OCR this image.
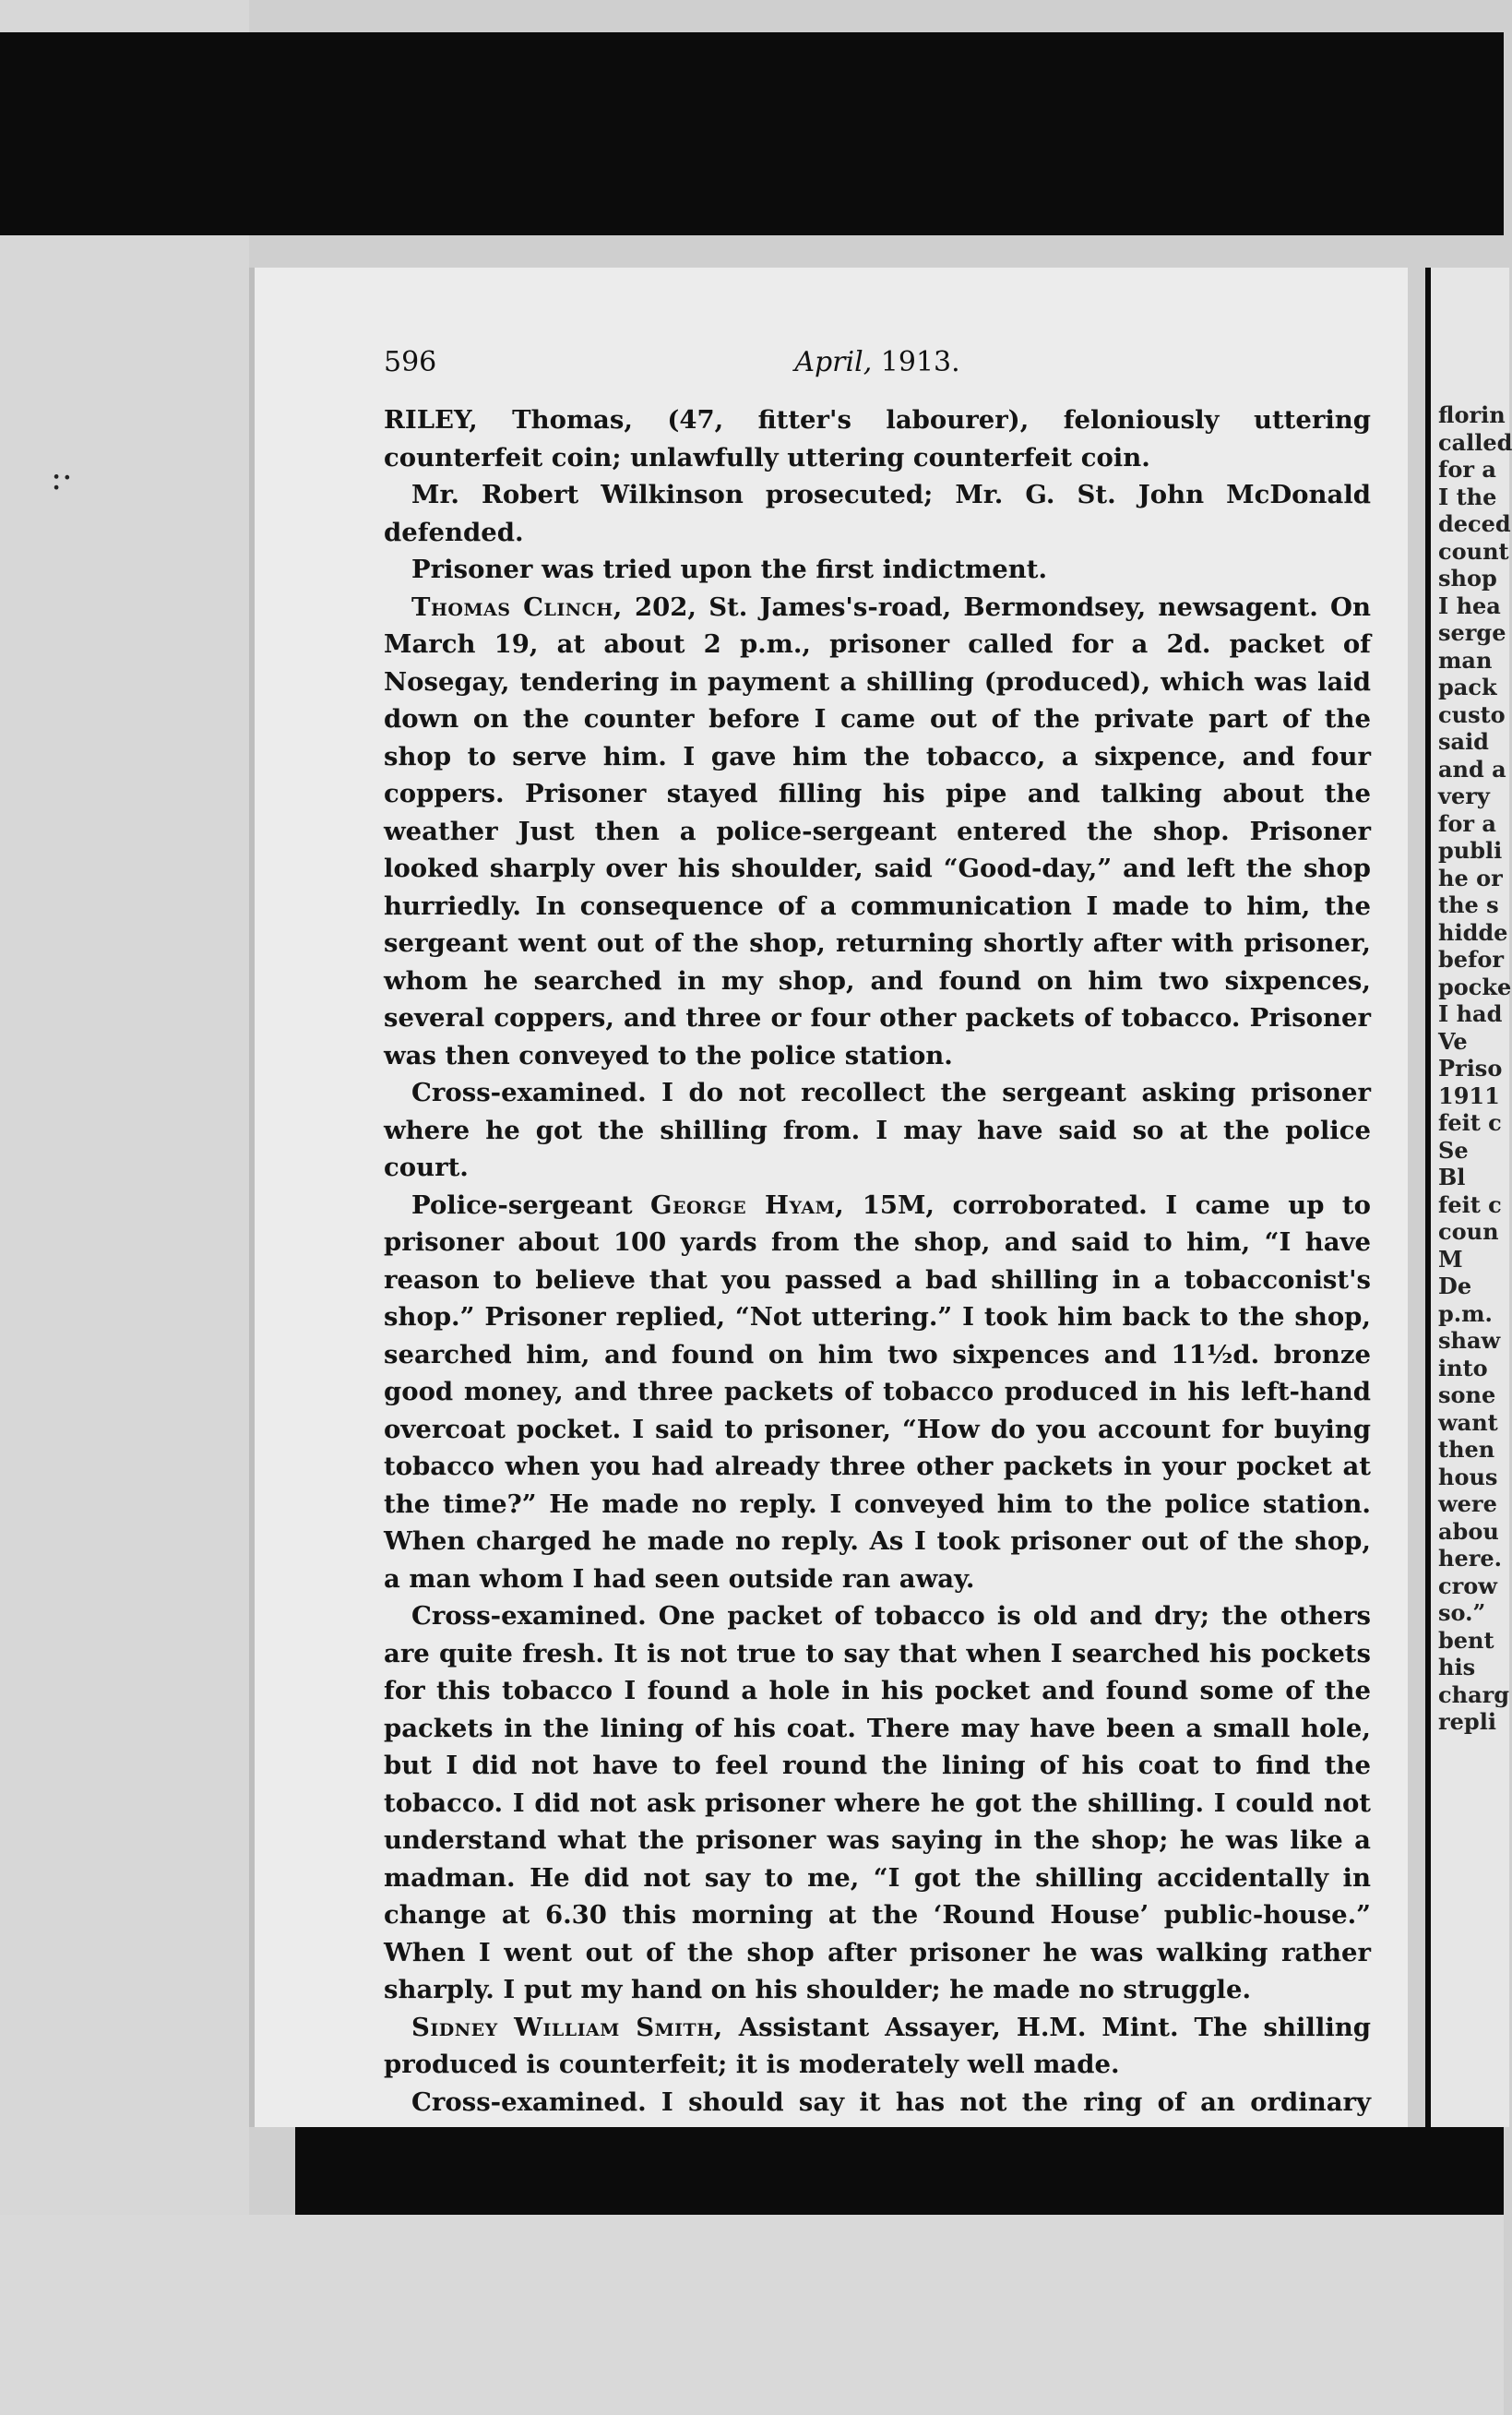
:·
596	April, 1913.

RILEY, Thomas, (47, fitter's labourer), feloniously uttering counterfeit coin; unlawfully uttering counterfeit coin.

Mr. Robert Wilkinson prosecuted; Mr. G. St. John McDonald defended.

Prisoner was tried upon the first indictment.

Thomas Clinch, 202, St. James's-road, Bermondsey, newsagent. On March 19, at about 2 p.m., prisoner called for a 2d. packet of Nosegay, tendering in payment a shilling (produced), which was laid down on the counter before I came out of the private part of the shop to serve him. I gave him the tobacco, a sixpence, and four coppers. Prisoner stayed filling his pipe and talking about the weather Just then a police-sergeant entered the shop. Prisoner looked sharply over his shoulder, said “Good-day,” and left the shop hurriedly. In consequence of a communication I made to him, the sergeant went out of the shop, returning shortly after with prisoner, whom he searched in my shop, and found on him two sixpences, several coppers, and three or four other packets of tobacco. Prisoner was then conveyed to the police station.

Cross-examined. I do not recollect the sergeant asking prisoner where he got the shilling from. I may have said so at the police court.

Police-sergeant George Hyam, 15M, corroborated. I came up to prisoner about 100 yards from the shop, and said to him, “I have reason to believe that you passed a bad shilling in a tobacconist's shop.” Prisoner replied, “Not uttering.” I took him back to the shop, searched him, and found on him two sixpences and 11½d. bronze good money, and three packets of tobacco produced in his left-hand overcoat pocket. I said to prisoner, “How do you account for buying tobacco when you had already three other packets in your pocket at the time?” He made no reply. I conveyed him to the police station. When charged he made no reply. As I took prisoner out of the shop, a man whom I had seen outside ran away.

Cross-examined. One packet of tobacco is old and dry; the others are quite fresh. It is not true to say that when I searched his pockets for this tobacco I found a hole in his pocket and found some of the packets in the lining of his coat. There may have been a small hole, but I did not have to feel round the lining of his coat to find the tobacco. I did not ask prisoner where he got the shilling. I could not understand what the prisoner was saying in the shop; he was like a madman. He did not say to me, “I got the shilling accidentally in change at 6.30 this morning at the ‘Round House’ public-house.” When I went out of the shop after prisoner he was walking rather sharply. I put my hand on his shoulder; he made no struggle.

Sidney William Smith, Assistant Assayer, H.M. Mint. The shilling produced is counterfeit; it is moderately well made.

Cross-examined. I should say it has not the ring of an ordinary

florin
called
for a
I the
deced
count
shop
I hea
serge
man
pack
custo
said
and a
very
for a
publi
he or
the s
hidde
befor
pocke
I had
Ve
Priso
1911
feit c
Se
Bl
feit c
coun
M
De
p.m.
shaw
into
sone
want
then
hous
were
abou
here.
crow
so.”
bent
his
charg
repli
